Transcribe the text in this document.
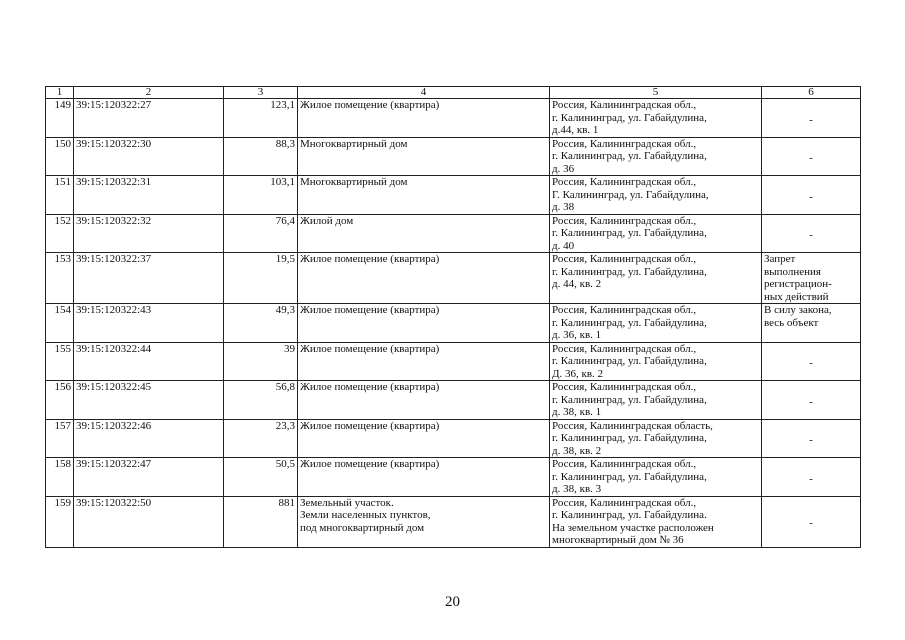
1	2	3	4	5	6
149	39:15:120322:27	123,1	Жилое помещение (квартира)	Россия, Калининградская обл.,
г. Калининград, ул. Габайдулина,
д.44, кв. 1	-
150	39:15:120322:30	88,3	Многоквартирный дом	Россия, Калининградская обл.,
г. Калининград, ул. Габайдулина,
д. 36	-
151	39:15:120322:31	103,1	Многоквартирный дом	Россия, Калининградская обл.,
Г. Калининград, ул. Габайдулина,
д. 38	-
152	39:15:120322:32	76,4	Жилой дом	Россия, Калининградская обл.,
г. Калининград, ул. Габайдулина,
д. 40	-
153	39:15:120322:37	19,5	Жилое помещение (квартира)	Россия, Калининградская обл.,
г. Калининград, ул. Габайдулина,
д. 44, кв. 2	Запрет
выполнения
регистрацион-
ных действий

154	39:15:120322:43	49,3	Жилое помещение (квартира)	Россия, Калининградская обл.,
г. Калининград, ул. Габайдулина,
д. 36, кв. 1	В силу закона,
весь объект

155	39:15:120322:44	39	Жилое помещение (квартира)	Россия, Калининградская обл.,
г. Калининград, ул. Габайдулина,
Д. 36, кв. 2	-
156	39:15:120322:45	56,8	Жилое помещение (квартира)	Россия, Калининградская обл.,
г. Калининград, ул. Габайдулина,
д. 38, кв. 1	-
157	39:15:120322:46	23,3	Жилое помещение (квартира)	Россия, Калининградская область,
г. Калининград, ул. Габайдулина,
д. 38, кв. 2	-
158	39:15:120322:47	50,5	Жилое помещение (квартира)	Россия, Калининградская обл.,
г. Калининград, ул. Габайдулина,
д. 38, кв. 3	-
159	39:15:120322:50	881	Земельный участок.
Земли населенных пунктов,
под многоквартирный дом	Россия, Калининградская обл.,
г. Калининград, ул. Габайдулина.
На земельном участке расположен
многоквартирный дом № 36	-
20
